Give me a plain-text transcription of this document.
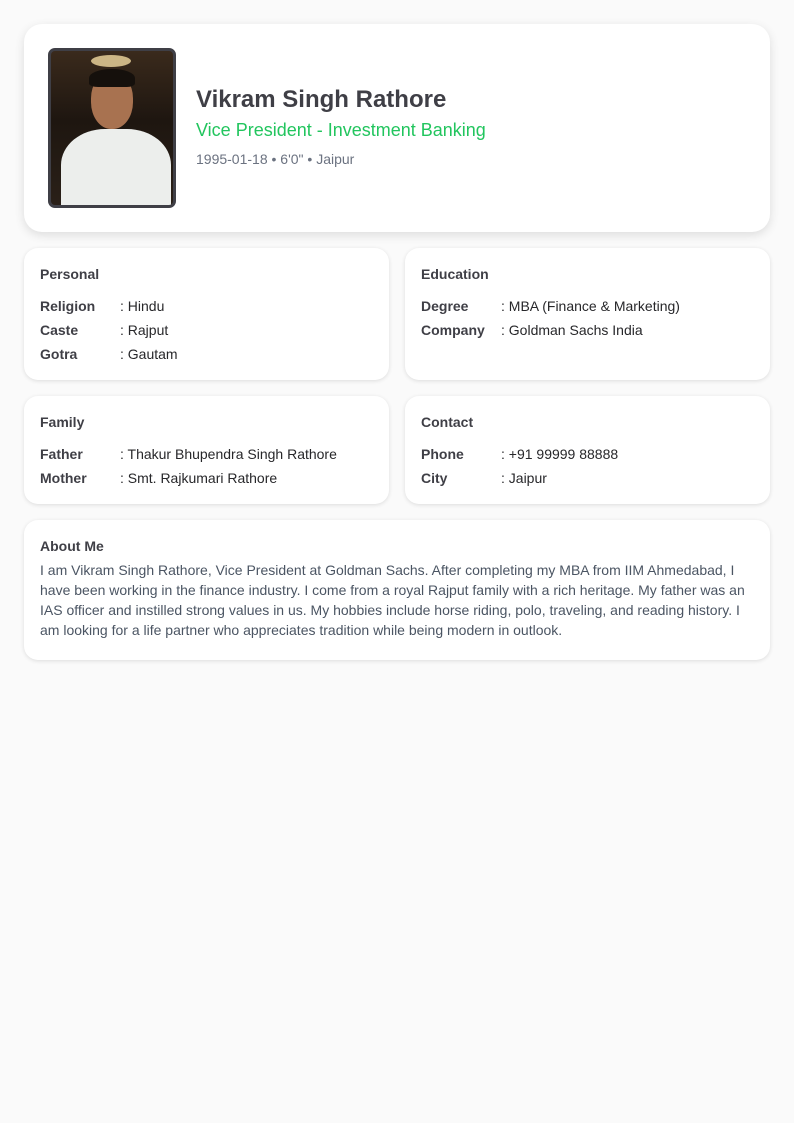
Vikram Singh Rathore
Vice President - Investment Banking
1995-01-18 • 6'0" • Jaipur
Personal
Religion	: Hindu
Caste	: Rajput
Gotra	: Gautam
Education
Degree	: MBA (Finance & Marketing)
Company	: Goldman Sachs India
Family
Father	: Thakur Bhupendra Singh Rathore
Mother	: Smt. Rajkumari Rathore
Contact
Phone	: +91 99999 88888
City	: Jaipur
About Me

I am Vikram Singh Rathore, Vice President at Goldman Sachs. After completing my MBA from IIM Ahmedabad, I have been working in the finance industry. I come from a royal Rajput family with a rich heritage. My father was an IAS officer and instilled strong values in us. My hobbies include horse riding, polo, traveling, and reading history. I am looking for a life partner who appreciates tradition while being modern in outlook.
